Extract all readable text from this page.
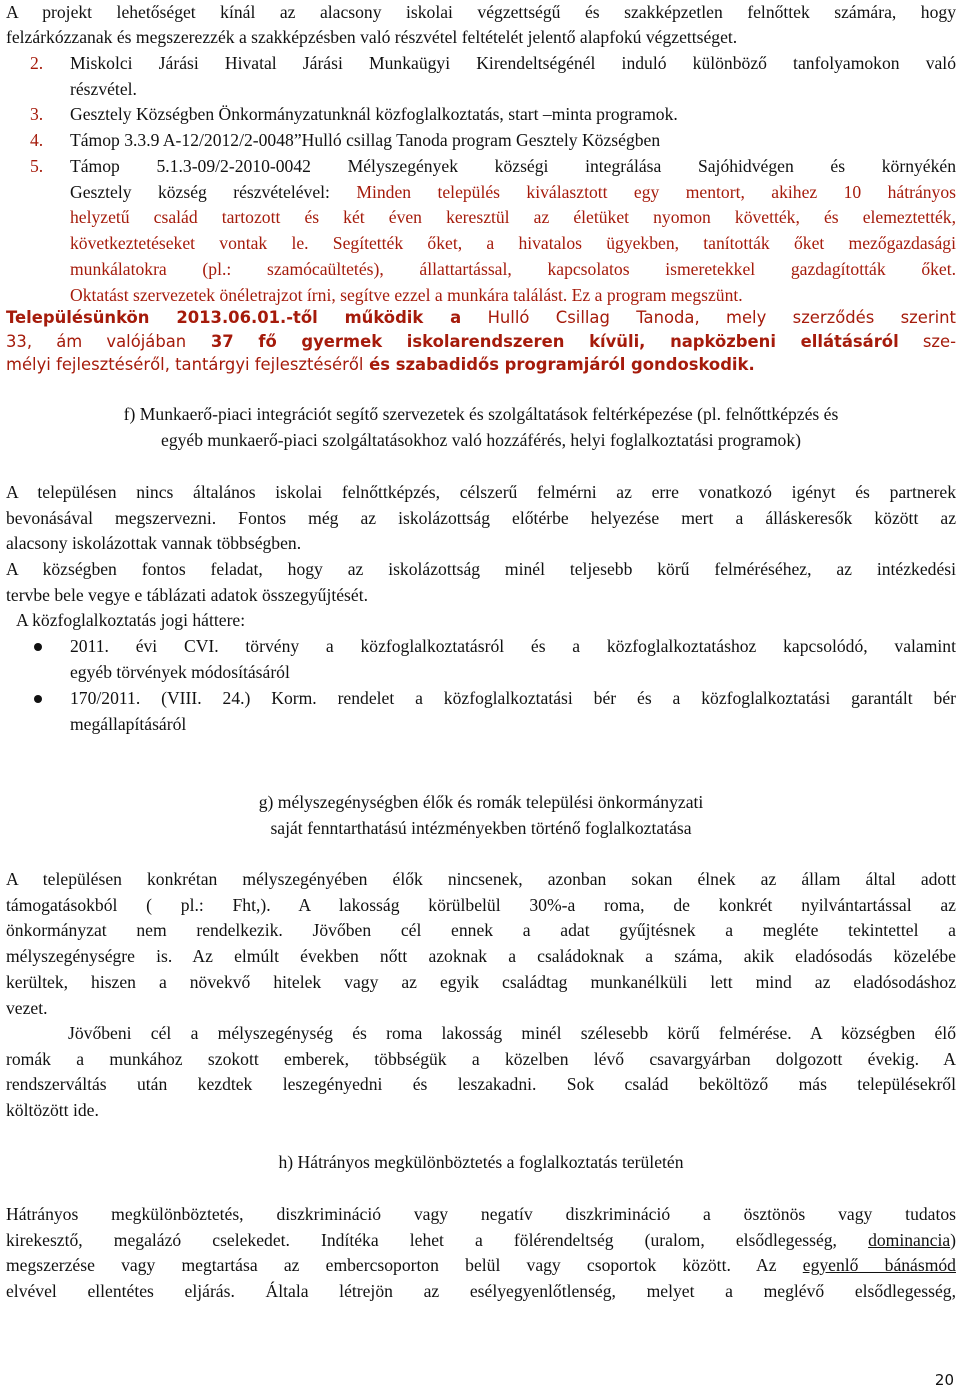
A projekt lehetőséget kínál az alacsony iskolai végzettségű és szakképzetlen felnőttek számára, hogy

felzárkózzanak és megszerezzék a szakképzésben való részvétel feltételét jelentő alapfokú végzettséget.

2. Miskolci Járási Hivatal Járási Munkaügyi Kirendeltségénél induló különböző tanfolyamokon való
részvétel.
3. Gesztely Községben Önkormányzatunknál közfoglalkoztatás, start –minta programok.
4. Támop 3.3.9 A-12/2012/2-0048”Hulló csillag Tanoda program Gesztely Községben
5. Támop 5.1.3-09/2-2010-0042 Mélyszegények községi integrálása Sajóhidvégen és környékén
Gesztely község részvételével: Minden település kiválasztott egy mentort, akihez 10 hátrányos
helyzetű család tartozott és két éven keresztül az életüket nyomon követték, és elemeztették,
következtetéseket vontak le. Segítették őket, a hivatalos ügyekben, tanították őket mezőgazdasági
munkálatokra (pl.: szamócaültetés), állattartással, kapcsolatos ismeretekkel gazdagították őket.
Oktatást szervezetek önéletrajzot írni, segítve ezzel a munkára találást. Ez a program megszünt.
Településünkön 2013.06.01.-től működik a Hulló Csillag Tanoda, mely szerződés szerint
33, ám valójában 37 fő gyermek iskolarendszeren kívüli, napközbeni ellátásáról sze-
mélyi fejlesztéséről, tantárgyi fejlesztéséről és szabadidős programjáról gondoskodik.
f) Munkaerő-piaci integrációt segítő szervezetek és szolgáltatások feltérképezése (pl. felnőttképzés és
egyéb munkaerő-piaci szolgáltatásokhoz való hozzáférés, helyi foglalkoztatási programok)
A településen nincs általános iskolai felnőttképzés, célszerű felmérni az erre vonatkozó igényt és partnerek
bevonásával megszervezni. Fontos még az iskolázottság előtérbe helyezése mert a álláskeresők között az
alacsony iskolázottak vannak többségben.
A községben fontos feladat, hogy az iskolázottság minél teljesebb körű felméréséhez, az intézkedési
tervbe bele vegye e táblázati adatok összegyűjtését.
A közfoglalkoztatás jogi háttere:
2011. évi CVI. törvény a közfoglalkoztatásról és a közfoglalkoztatáshoz kapcsolódó, valamint
egyéb törvények módosításáról
170/2011. (VIII. 24.) Korm. rendelet a közfoglalkoztatási bér és a közfoglalkoztatási garantált bér
megállapításáról
g) mélyszegénységben élők és romák települési önkormányzati
saját fenntarthatású intézményekben történő foglalkoztatása
A településen konkrétan mélyszegényében élők nincsenek, azonban sokan élnek az állam által adott
támogatásokból ( pl.: Fht,). A lakosság körülbelül 30%-a roma, de konkrét nyilvántartással az
önkormányzat nem rendelkezik. Jövőben cél ennek a adat gyűjtésnek a megléte tekintettel a
mélyszegénységre is. Az elmúlt években nőtt azoknak a családoknak a száma, akik eladósodás közelébe
kerültek, hiszen a növekvő hitelek vagy az egyik családtag munkanélküli lett mind az eladósodáshoz
vezet.
Jövőbeni cél a mélyszegénység és roma lakosság minél szélesebb körű felmérése. A községben élő
romák a munkához szokott emberek, többségük a közelben lévő csavargyárban dolgozott évekig. A
rendszerváltás után kezdtek leszegényedni és leszakadni. Sok család beköltöző más településekről
költözött ide.
h) Hátrányos megkülönböztetés a foglalkoztatás területén
Hátrányos megkülönböztetés, diszkrimináció vagy negatív diszkrimináció a ösztönös vagy tudatos
kirekesztő, megalázó cselekedet. Indítéka lehet a fölérendeltség (uralom, elsődlegesség, dominancia)
megszerzése vagy megtartása az embercsoporton belül vagy csoportok között. Az egyenlő bánásmód
elvével ellentétes eljárás. Általa létrejön az esélyegyenlőtlenség, melyet a meglévő elsődlegesség,
20
